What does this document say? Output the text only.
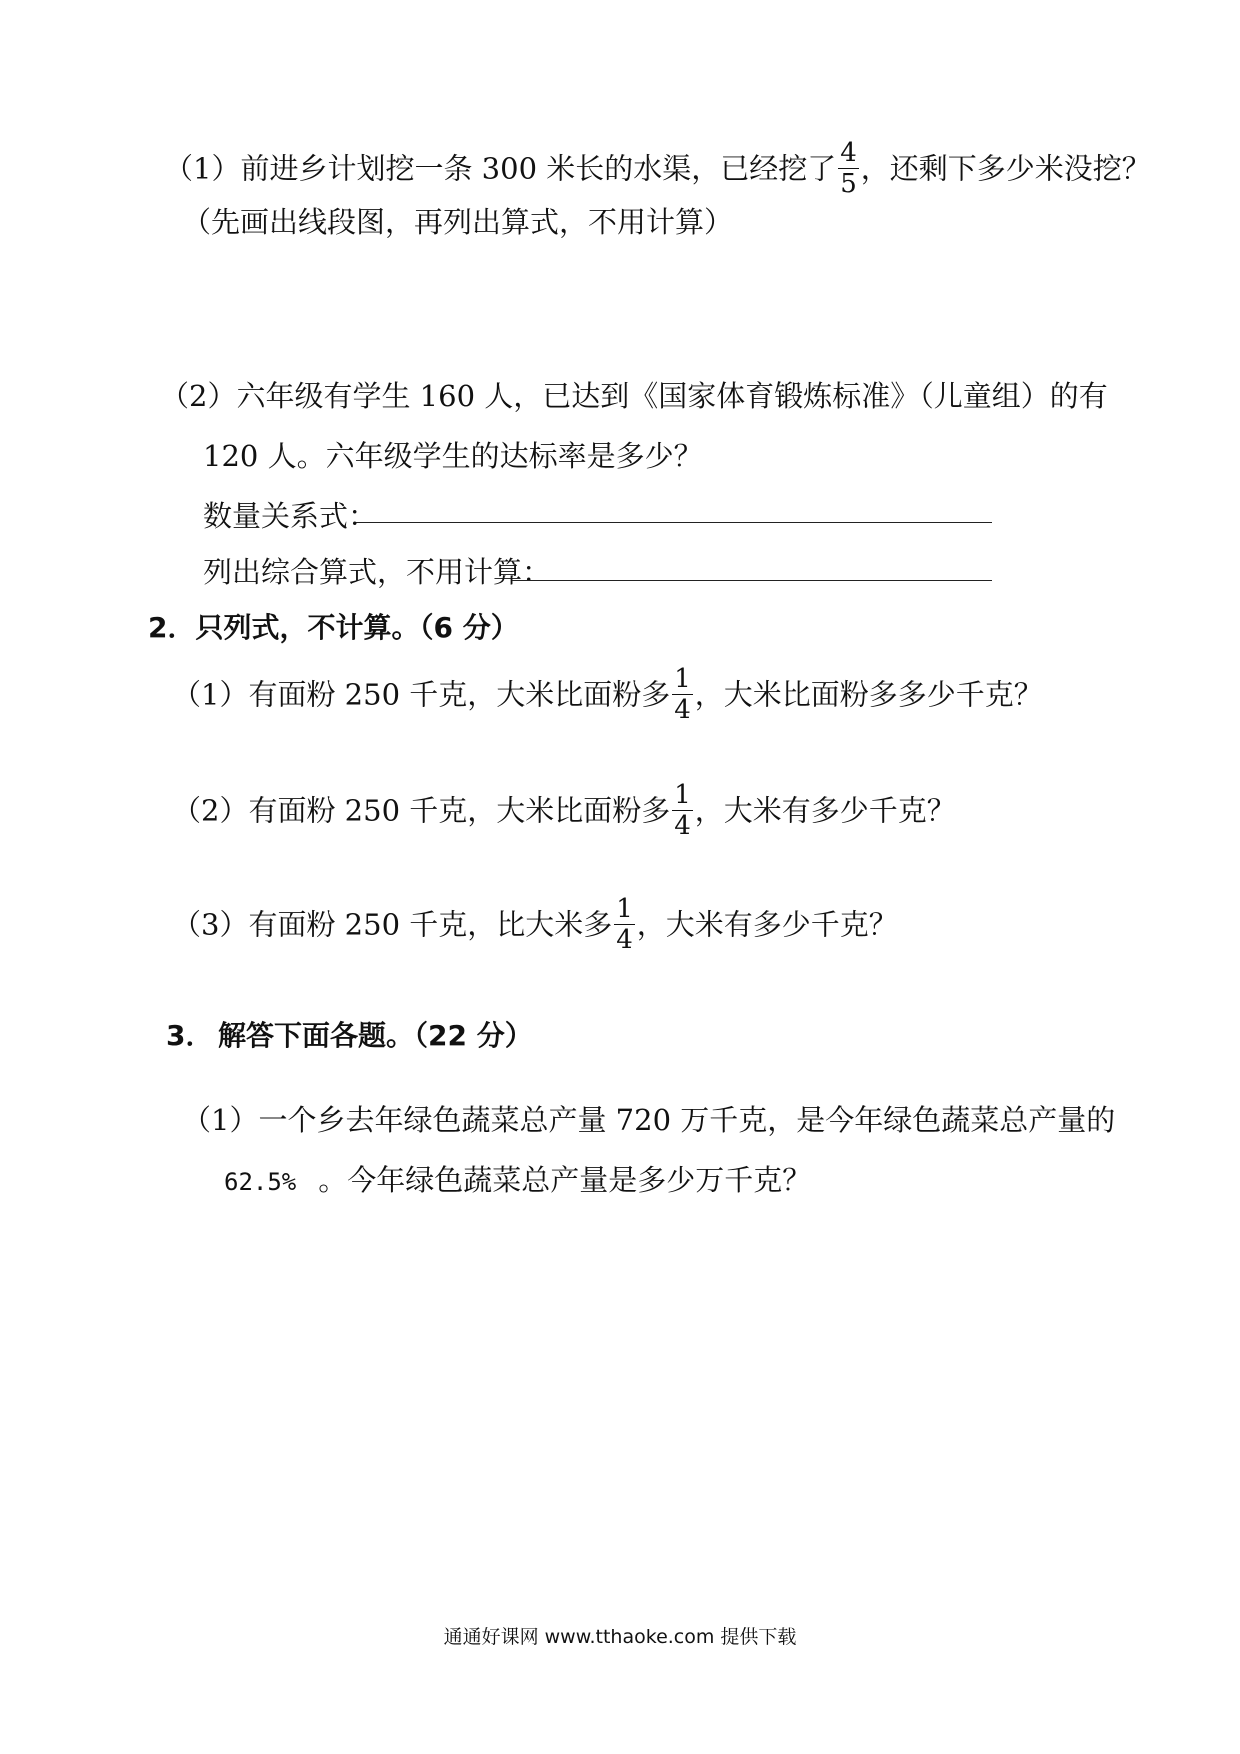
（1）前进乡计划挖一条 300 米长的水渠，已经挖了 $\frac{4}{5}$ ，还剩下多少米没挖？
（先画出线段图，再列出算式，不用计算）
（2）六年级有学生 160 人，已达到《国家体育锻炼标准》（儿童组）的有
120 人。六年级学生的达标率是多少？
数量关系式：
列出综合算式，不用计算：
2．只列式，不计算。（6 分）
（1）有面粉 250 千克，大米比面粉多 $\frac{1}{4}$ ，大米比面粉多多少千克？
（2）有面粉 250 千克，大米比面粉多 $\frac{1}{4}$ ，大米有多少千克？
（3）有面粉 250 千克，比大米多 $\frac{1}{4}$ ，大米有多少千克？
3． 解答下面各题。（22 分）
（1）一个乡去年绿色蔬菜总产量 720 万千克，是今年绿色蔬菜总产量的
62.5% 。今年绿色蔬菜总产量是多少万千克？
通通好课网 www.tthaoke.com 提供下载
